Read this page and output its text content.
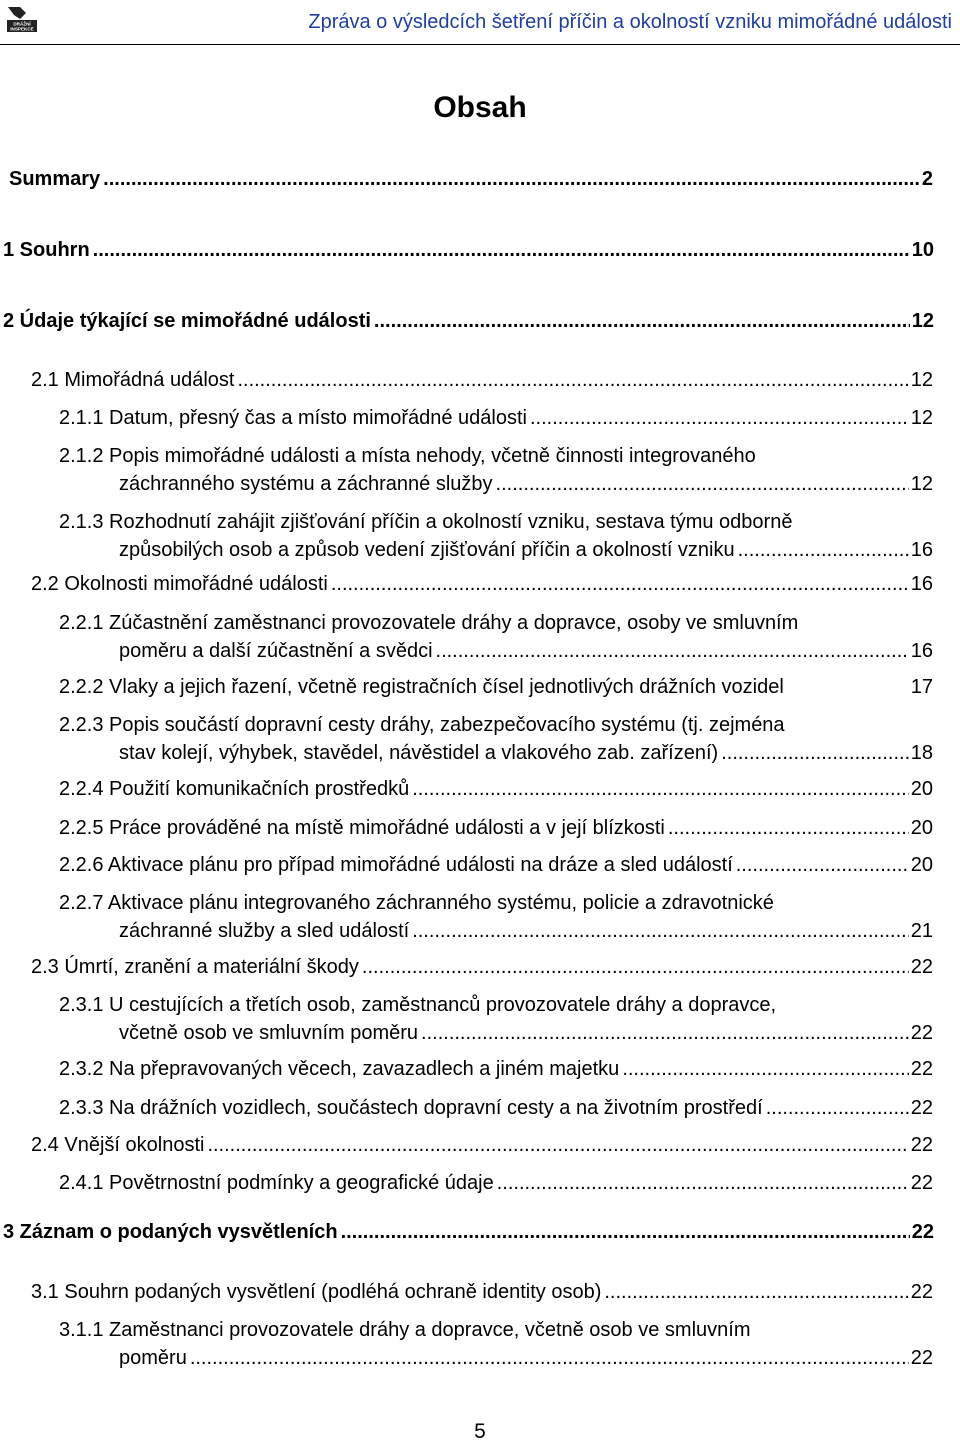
DRÁŽNÍ
INSPEKCE	Zpráva o výsledcích šetření příčin a okolností vzniku mimořádné události
Obsah
Summary .....	2
1 Souhrn .....	10
2 Údaje týkající se mimořádné události .....	12
2.1 Mimořádná událost .....	12
2.1.1 Datum, přesný čas a místo mimořádné události .....	12
2.1.2 Popis mimořádné události a místa nehody, včetně činnosti integrovaného
záchranného systému a záchranné služby .....	12
2.1.3 Rozhodnutí zahájit zjišťování příčin a okolností vzniku, sestava týmu odborně
způsobilých osob a způsob vedení zjišťování příčin a okolností vzniku .....	16
2.2 Okolnosti mimořádné události .....	16
2.2.1 Zúčastnění zaměstnanci provozovatele dráhy a dopravce, osoby ve smluvním
poměru a další zúčastnění a svědci .....	16
2.2.2 Vlaky a jejich řazení, včetně registračních čísel jednotlivých drážních vozidel	17
2.2.3 Popis součástí dopravní cesty dráhy, zabezpečovacího systému (tj. zejména
stav kolejí, výhybek, stavědel, návěstidel a vlakového zab. zařízení) .....	18
2.2.4 Použití komunikačních prostředků .....	20
2.2.5 Práce prováděné na místě mimořádné události a v její blízkosti .....	20
2.2.6 Aktivace plánu pro případ mimořádné události na dráze a sled událostí .....	20
2.2.7 Aktivace plánu integrovaného záchranného systému, policie a zdravotnické
záchranné služby a sled událostí .....	21
2.3 Úmrtí, zranění a materiální škody .....	22
2.3.1 U cestujících a třetích osob, zaměstnanců provozovatele dráhy a dopravce,
včetně osob ve smluvním poměru .....	22
2.3.2 Na přepravovaných věcech, zavazadlech a jiném majetku .....	22
2.3.3 Na drážních vozidlech, součástech dopravní cesty a na životním prostředí .....	22
2.4 Vnější okolnosti .....	22
2.4.1 Povětrnostní podmínky a geografické údaje .....	22
3 Záznam o podaných vysvětleních .....	22
3.1 Souhrn podaných vysvětlení (podléhá ochraně identity osob) .....	22
3.1.1 Zaměstnanci provozovatele dráhy a dopravce, včetně osob ve smluvním
poměru .....	22
5
